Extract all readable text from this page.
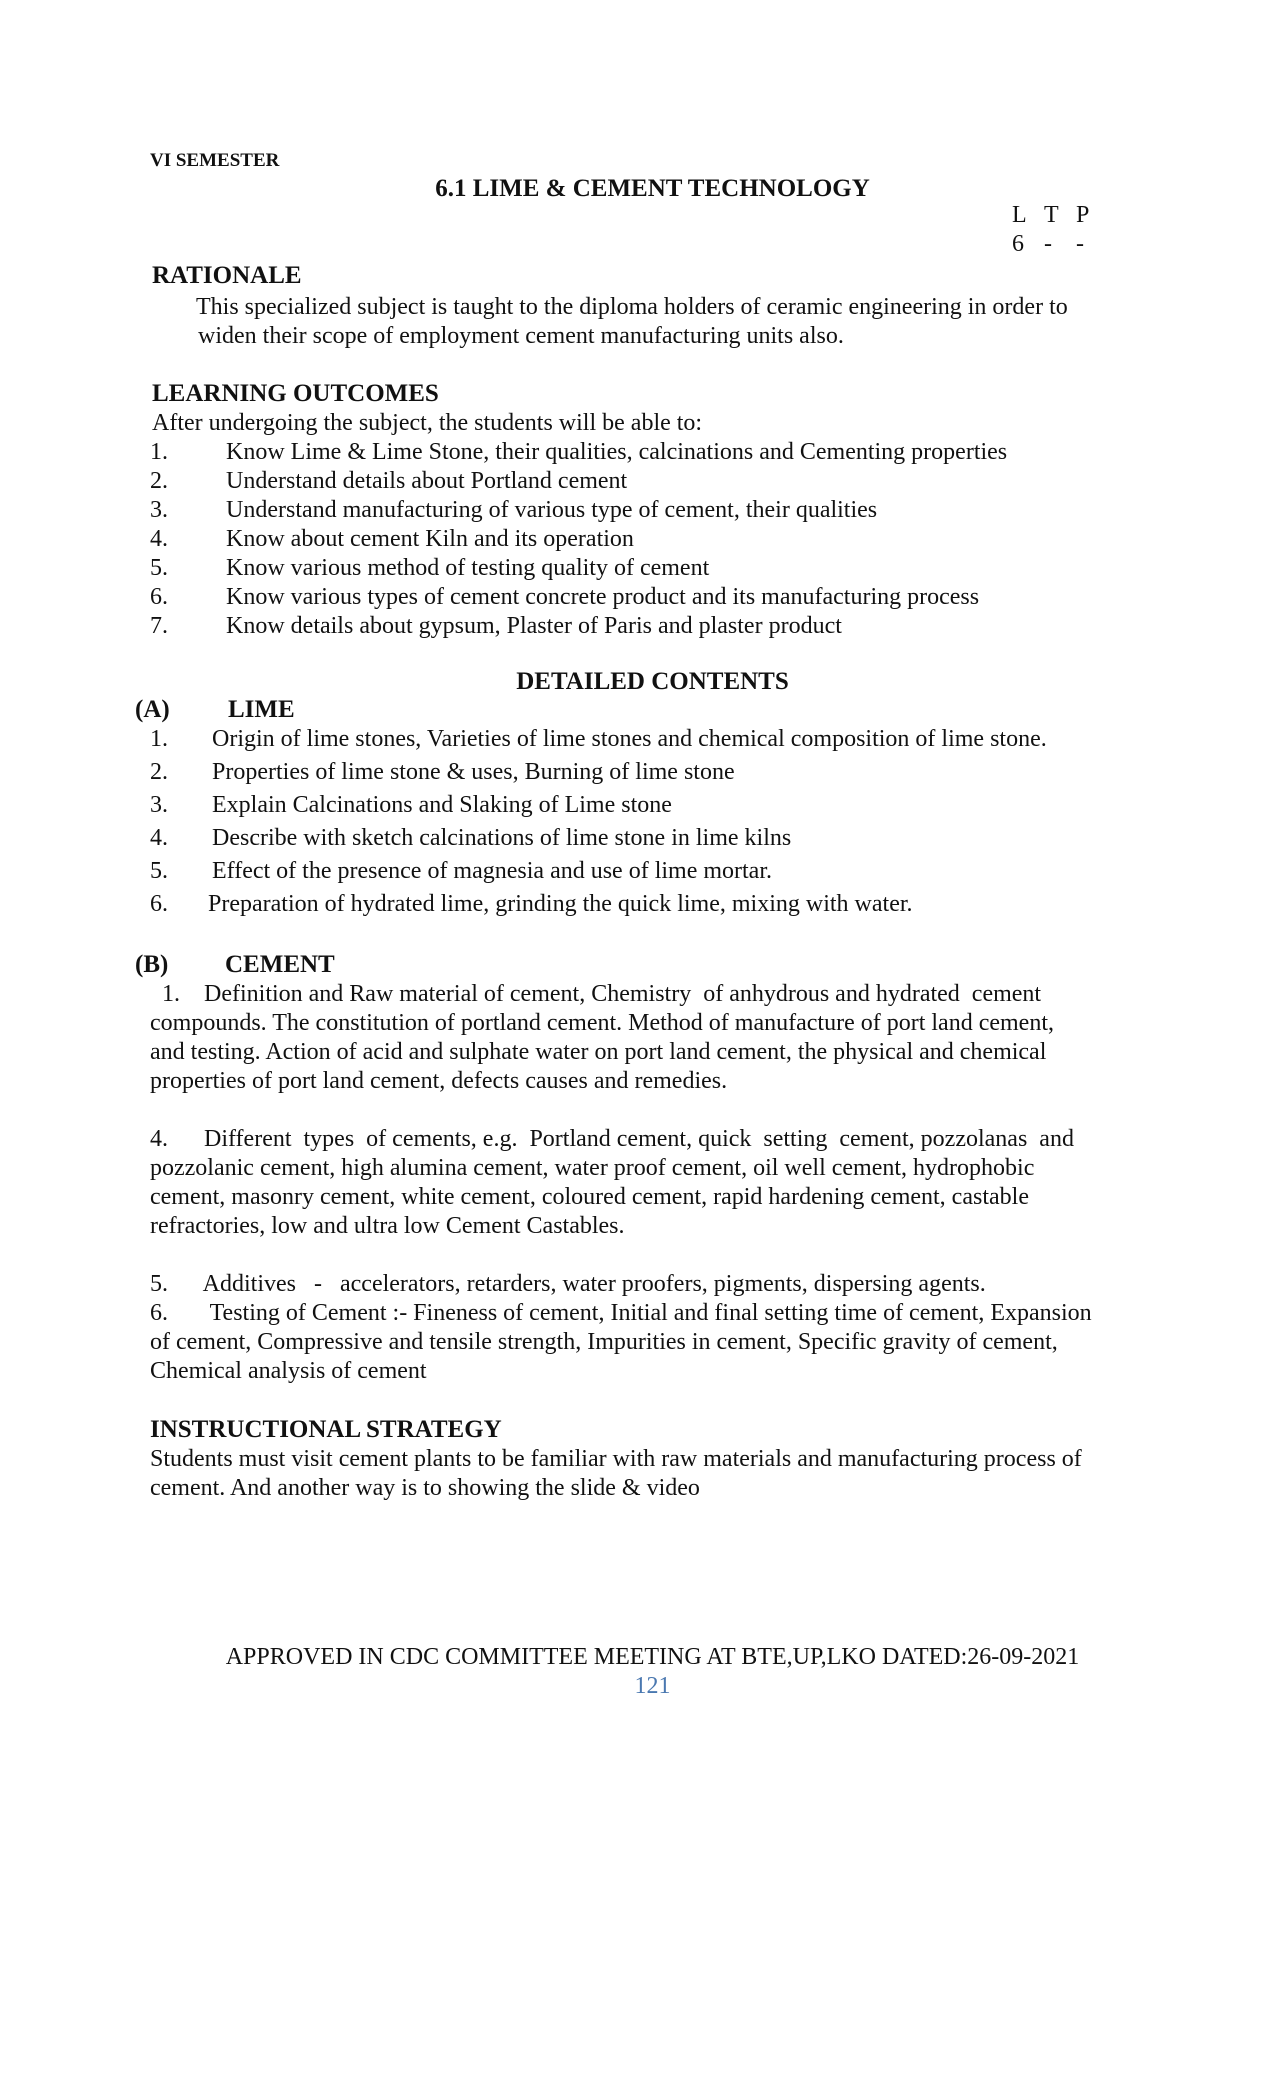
VI SEMESTER
6.1 LIME & CEMENT TECHNOLOGY
L T P
6 - -
RATIONALE
This specialized subject is taught to the diploma holders of ceramic engineering in order to
widen their scope of employment cement manufacturing units also.
LEARNING OUTCOMES
After undergoing the subject, the students will be able to:
1. Know Lime & Lime Stone, their qualities, calcinations and Cementing properties
2. Understand details about Portland cement
3. Understand manufacturing of various type of cement, their qualities
4. Know about cement Kiln and its operation
5. Know various method of testing quality of cement
6. Know various types of cement concrete product and its manufacturing process
7. Know details about gypsum, Plaster of Paris and plaster product
DETAILED CONTENTS
(A) LIME
1. Origin of lime stones, Varieties of lime stones and chemical composition of lime stone.
2. Properties of lime stone & uses, Burning of lime stone
3. Explain Calcinations and Slaking of Lime stone
4. Describe with sketch calcinations of lime stone in lime kilns
5. Effect of the presence of magnesia and use of lime mortar.
6. Preparation of hydrated lime, grinding the quick lime, mixing with water.
(B) CEMENT
1.    Definition and Raw material of cement, Chemistry  of anhydrous and hydrated  cement
compounds. The constitution of portland cement. Method of manufacture of port land cement,
and testing. Action of acid and sulphate water on port land cement, the physical and chemical
properties of port land cement, defects causes and remedies.
4.      Different  types  of cements, e.g.  Portland cement, quick  setting  cement, pozzolanas  and
pozzolanic cement, high alumina cement, water proof cement, oil well cement, hydrophobic
cement, masonry cement, white cement, coloured cement, rapid hardening cement, castable
refractories, low and ultra low Cement Castables.
5.      Additives   -   accelerators, retarders, water proofers, pigments, dispersing agents.
6.       Testing of Cement :- Fineness of cement, Initial and final setting time of cement, Expansion
of cement, Compressive and tensile strength, Impurities in cement, Specific gravity of cement,
Chemical analysis of cement
INSTRUCTIONAL STRATEGY
Students must visit cement plants to be familiar with raw materials and manufacturing process of
cement. And another way is to showing the slide & video
APPROVED IN CDC COMMITTEE MEETING AT BTE,UP,LKO DATED:26-09-2021
121
